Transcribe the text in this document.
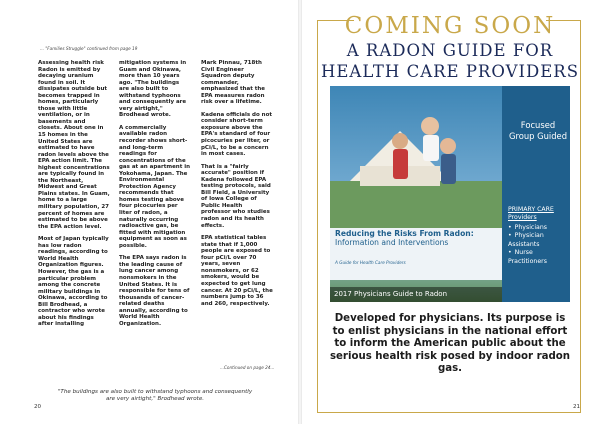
... "Families Struggle" continued from page 19

Assessing health risk Radon is emitted by decaying uranium found in soil. It dissipates outside but becomes trapped in homes, particularly those with little ventilation, or in basements and closets. About one in 15 homes in the United States are estimated to have radon levels above the EPA action limit. The highest concentrations are typically found in the Northeast, Midwest and Great Plains states. In Guam, home to a large military population, 27 percent of homes are estimated to be above the EPA action level.

Most of Japan typically has low radon readings, according to World Health Organization figures. However, the gas is a particular problem among the concrete military buildings in Okinawa, according to Bill Brodhead, a contractor who wrote about his findings after installing

mitigation systems in Guam and Okinawa, more than 10 years ago. "The buildings are also built to withstand typhoons and consequently are very airtight," Brodhead wrote.

A commercially available radon recorder shows short- and long-term readings for concentrations of the gas at an apartment in Yokohama, Japan. The Environmental Protection Agency recommends that homes testing above four picocuries per liter of radon, a naturally occurring radioactive gas, be fitted with mitigation equipment as soon as possible.

The EPA says radon is the leading cause of lung cancer among nonsmokers in the United States. It is responsible for tens of thousands of cancer-related deaths annually, according to World Health Organization.

Mark Pinnau, 718th Civil Engineer Squadron deputy commander, emphasized that the EPA measures radon risk over a lifetime.

Kadena officials do not consider short-term exposure above the EPA's standard of four picocuries per liter, or pCi/L, to be a concern in most cases.

That is a "fairly accurate" position if Kadena followed EPA testing protocols, said Bill Field, a University of Iowa College of Public Health professor who studies radon and its health effects.

EPA statistical tables state that if 1,000 people are exposed to four pCi/L over 70 years, seven nonsmokers, or 62 smokers, would be expected to get lung cancer. At 20 pCi/L, the numbers jump to 36 and 260, respectively.

...Continued on page 24...
"The buildings are also built to withstand typhoons and consequently are very airtight," Brodhead wrote.
20
COMING SOON
A RADON GUIDE FOR
HEALTH CARE PROVIDERS
Focused Group Guided
PRIMARY CARE Providers
• Physicians
• Physician Assistants
• Nurse Practitioners
Reducing the Risks From Radon:
Information and Interventions
A Guide for Health Care Providers
2017 Physicians Guide to Radon
Developed for physicians. Its purpose is to enlist physicians in the national effort to inform the American public about the serious health risk posed by indoor radon gas.
21
